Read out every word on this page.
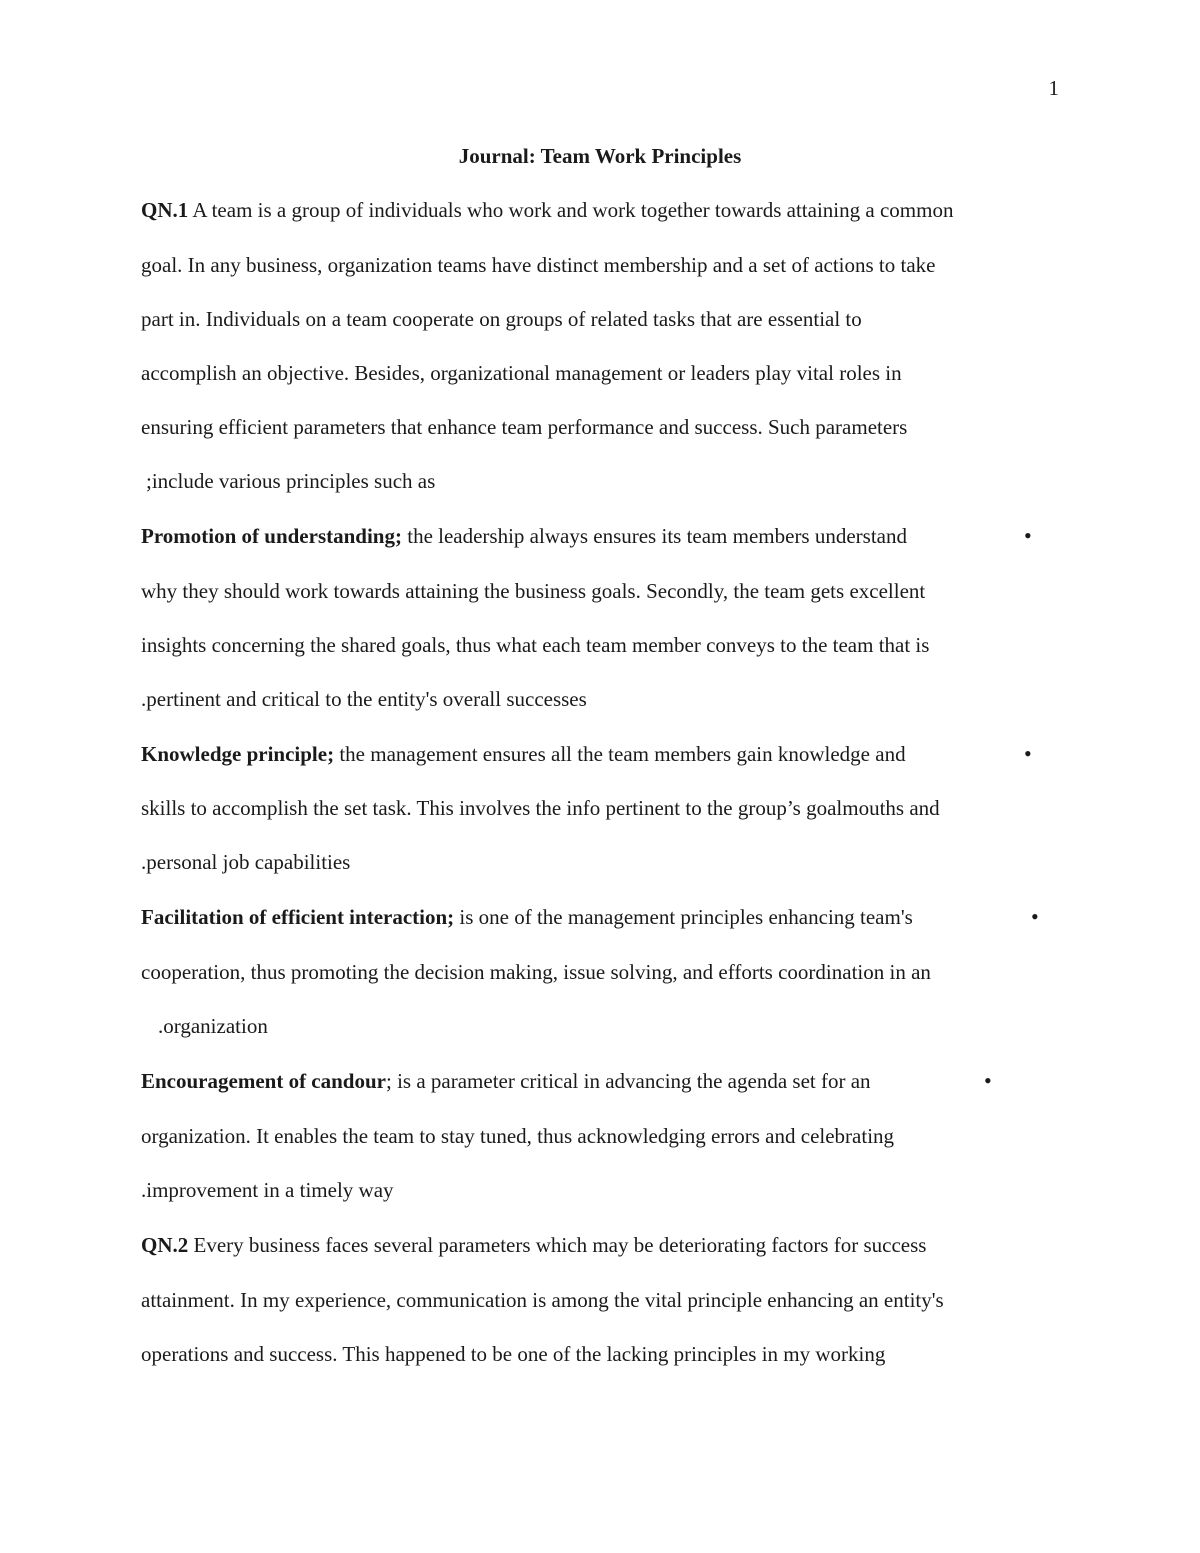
1
Journal: Team Work Principles
QN.1 A team is a group of individuals who work and work together towards attaining a common
goal. In any business, organization teams have distinct membership and a set of actions to take
part in. Individuals on a team cooperate on groups of related tasks that are essential to
accomplish an objective. Besides, organizational management or leaders play vital roles in
ensuring efficient parameters that enhance team performance and success. Such parameters
;include various principles such as
Promotion of understanding; the leadership always ensures its team members understand	•
why they should work towards attaining the business goals. Secondly, the team gets excellent
insights concerning the shared goals, thus what each team member conveys to the team that is
.pertinent and critical to the entity's overall successes
Knowledge principle; the management ensures all the team members gain knowledge and	•
skills to accomplish the set task. This involves the info pertinent to the group’s goalmouths and
.personal job capabilities
Facilitation of efficient interaction; is one of the management principles enhancing team's	•
cooperation, thus promoting the decision making, issue solving, and efforts coordination in an
.organization
Encouragement of candour; is a parameter critical in advancing the agenda set for an	•
organization. It enables the team to stay tuned, thus acknowledging errors and celebrating
.improvement in a timely way
QN.2 Every business faces several parameters which may be deteriorating factors for success
attainment. In my experience, communication is among the vital principle enhancing an entity's
operations and success. This happened to be one of the lacking principles in my working
